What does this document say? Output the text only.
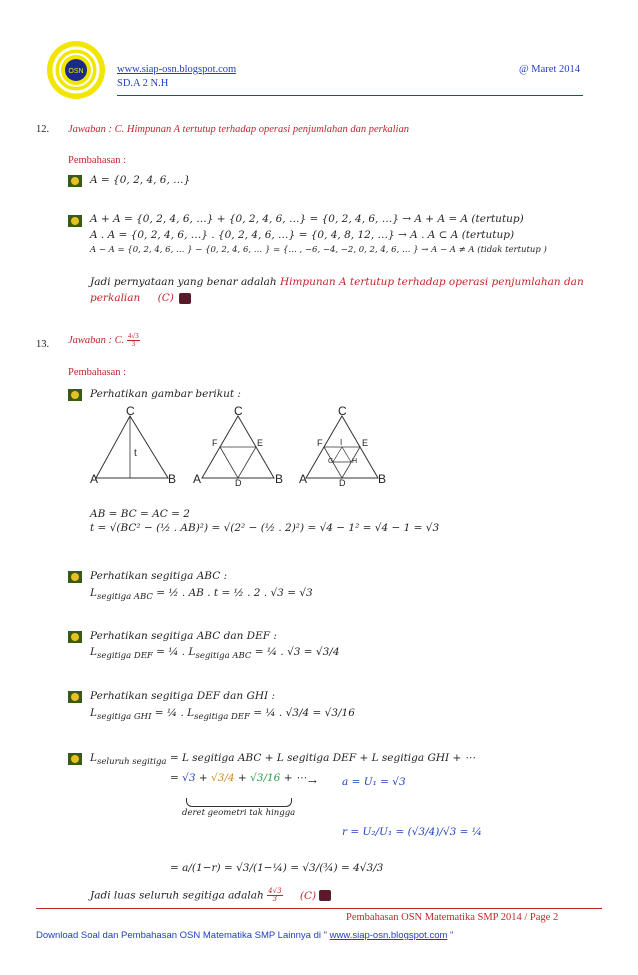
OSN	www.siap-osn.blogspot.com
SD.A 2 N.H
@ Maret 2014
12. Jawaban : C. Himpunan A tertutup terhadap operasi penjumlahan dan perkalian
Pembahasan :
A = {0, 2, 4, 6, …}
A + A = {0, 2, 4, 6, …} + {0, 2, 4, 6, …} = {0, 2, 4, 6, …} → A + A = A (tertutup)
A . A = {0, 2, 4, 6, …} . {0, 2, 4, 6, …} = {0, 4, 8, 12, …} → A . A ⊂ A (tertutup)
A − A = {0, 2, 4, 6, … } − {0, 2, 4, 6, … } = {… , −6, −4, −2, 0, 2, 4, 6, … } → A − A ≠ A (tidak tertutup )
Jadi pernyataan yang benar adalah Himpunan A tertutup terhadap operasi penjumlahan dan
perkalian (C)
13. Jawaban : C. $\frac{4√3}{3}$
Pembahasan :
Perhatikan gambar berikut :
C
A	B
t
C
F	E
A	D	B
C
F I E
G	H
A	D	B
AB = BC = AC = 2
t = √(BC² − (½ . AB)²) = √(2² − (½ . 2)²) = √4 − 1² = √4 − 1 = √3
Perhatikan segitiga ABC :
$L_{segitiga ABC}$ = ½ . AB . t = ½ . 2 . √3 = √3
Perhatikan segitiga ABC dan DEF :
$L_{segitiga DEF}$ = ¼ . $L_{segitiga ABC}$ = ¼ . √3 = √3/4
Perhatikan segitiga DEF dan GHI :
$L_{segitiga GHI}$ = ¼ . $L_{segitiga DEF}$ = ¼ . √3/4 = √3/16
$L_{seluruh segitiga} = L$ segitiga ABC + L segitiga DEF + L segitiga GHI + ⋯
= √3 + √3/4 + √3/16 + ⋯
deret geometri tak hingga
→ a = U₁ = √3
r = U₂/U₁ = (√3/4)/√3 = ¼
= a/(1−r) = √3/(1−¼) = √3/(¾) = 4√3/3
Jadi luas seluruh segitiga adalah $\frac{4√3}{3} (C)$
Pembahasan OSN Matematika SMP 2014 / Page 2
Download Soal dan Pembahasan OSN Matematika SMP Lainnya di " www.siap-osn.blogspot.com "
